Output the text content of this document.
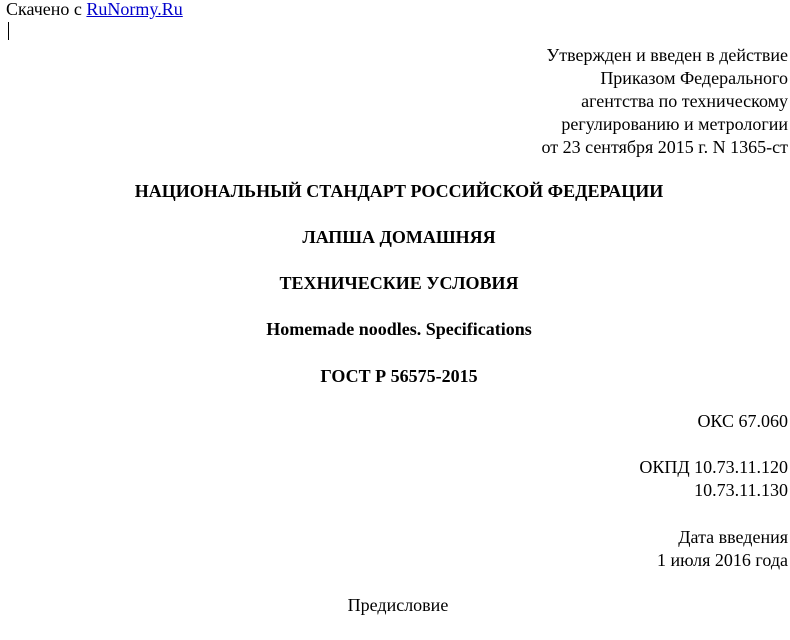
Скачено с RuNormy.Ru
Утвержден и введен в действие
Приказом Федерального
агентства по техническому
регулированию и метрологии
от 23 сентября 2015 г. N 1365-ст
НАЦИОНАЛЬНЫЙ СТАНДАРТ РОССИЙСКОЙ ФЕДЕРАЦИИ
ЛАПША ДОМАШНЯЯ
ТЕХНИЧЕСКИЕ УСЛОВИЯ
Homemade noodles. Specifications
ГОСТ Р 56575-2015
ОКС 67.060
ОКПД 10.73.11.120
10.73.11.130
Дата введения
1 июля 2016 года
Предисловие
